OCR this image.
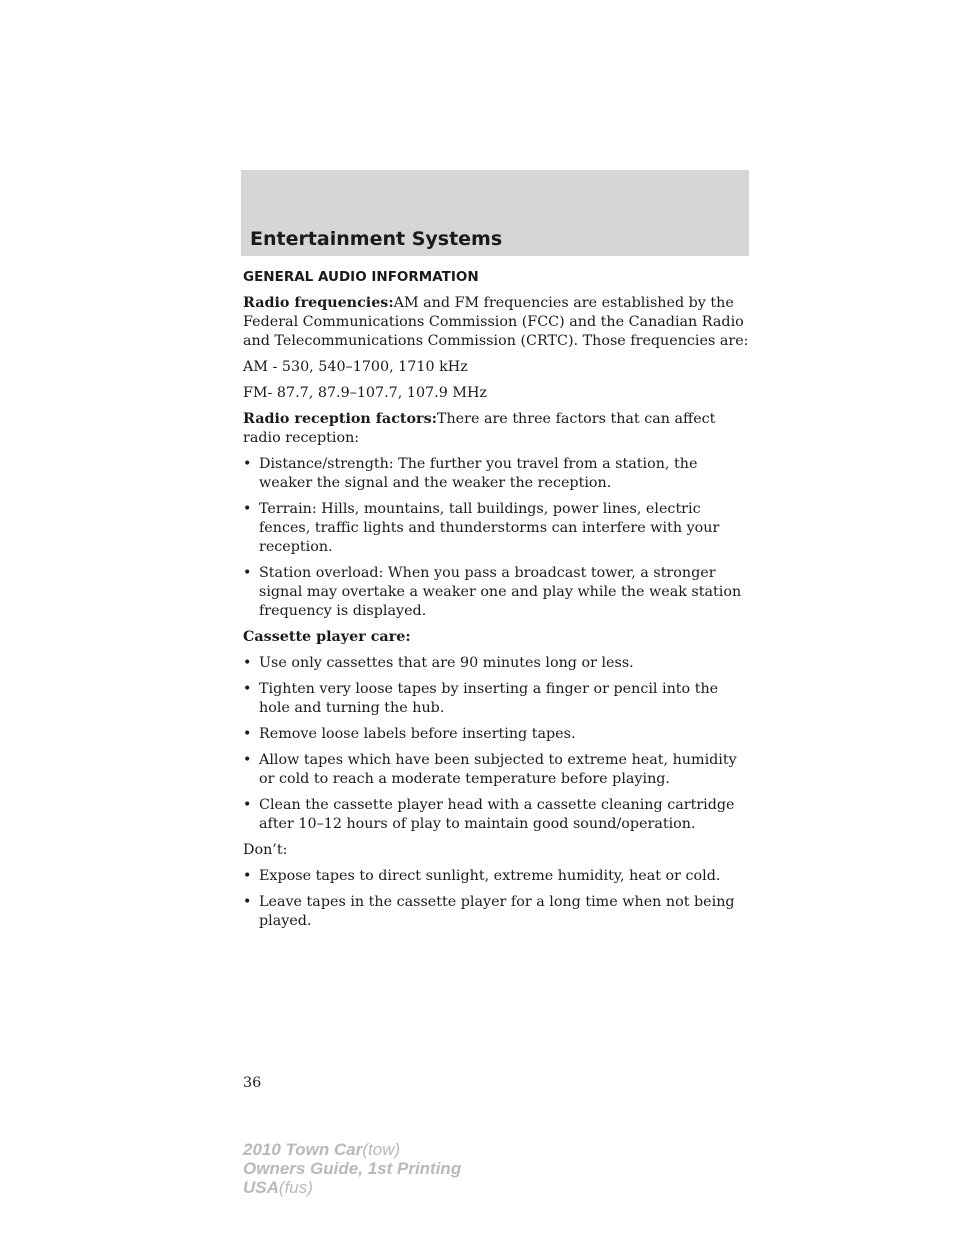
Entertainment Systems
GENERAL AUDIO INFORMATION

Radio frequencies:AM and FM frequencies are established by the Federal Communications Commission (FCC) and the Canadian Radio and Telecommunications Commission (CRTC). Those frequencies are:

AM - 530, 540–1700, 1710 kHz

FM- 87.7, 87.9–107.7, 107.9 MHz

Radio reception factors:There are three factors that can affect radio reception:

• Distance/strength: The further you travel from a station, the weaker the signal and the weaker the reception.
• Terrain: Hills, mountains, tall buildings, power lines, electric fences, traffic lights and thunderstorms can interfere with your reception.
• Station overload: When you pass a broadcast tower, a stronger signal may overtake a weaker one and play while the weak station frequency is displayed.

Cassette player care:

• Use only cassettes that are 90 minutes long or less.
• Tighten very loose tapes by inserting a finger or pencil into the hole and turning the hub.
• Remove loose labels before inserting tapes.
• Allow tapes which have been subjected to extreme heat, humidity or cold to reach a moderate temperature before playing.
• Clean the cassette player head with a cassette cleaning cartridge after 10–12 hours of play to maintain good sound/operation.

Don’t:

• Expose tapes to direct sunlight, extreme humidity, heat or cold.
• Leave tapes in the cassette player for a long time when not being played.
36
2010 Town Car(tow)
Owners Guide, 1st Printing
USA(fus)
